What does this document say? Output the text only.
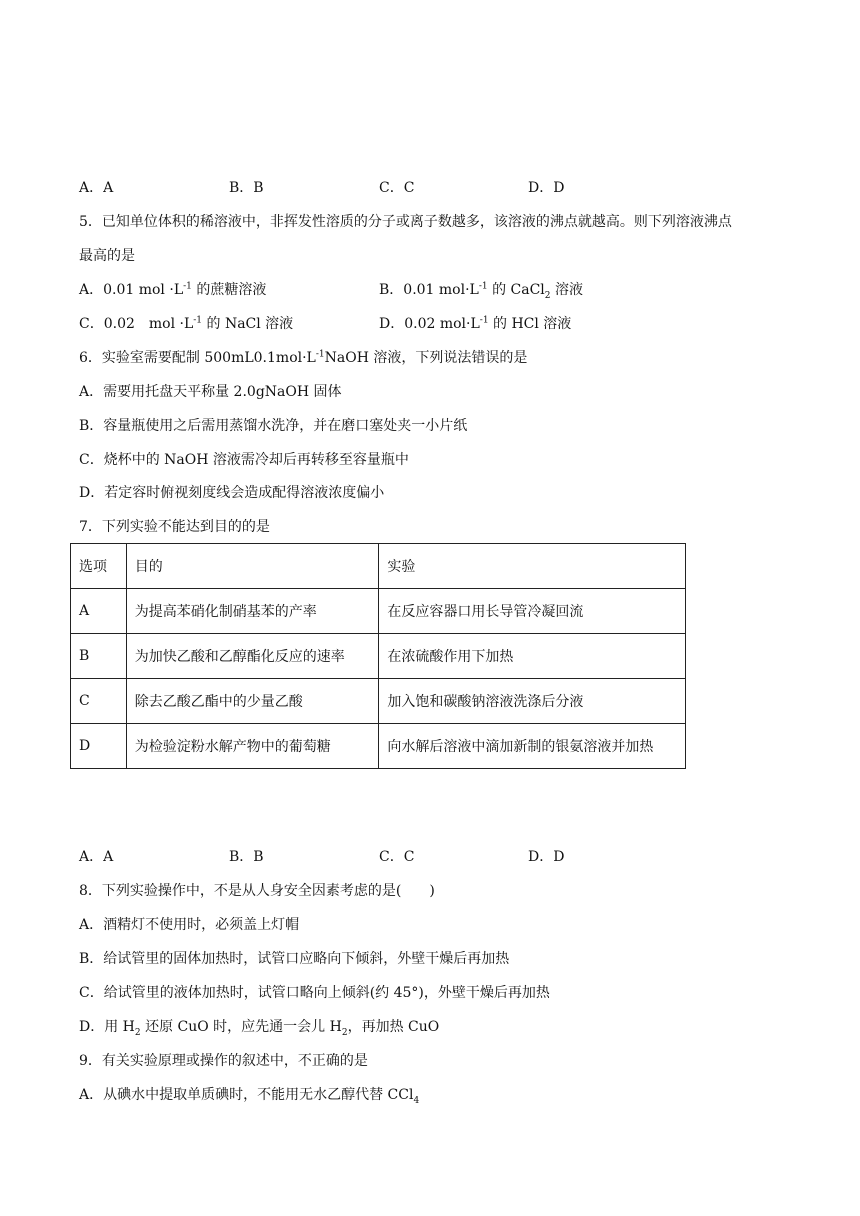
A．A	B．B	C．C	D．D
5．已知单位体积的稀溶液中，非挥发性溶质的分子或离子数越多，该溶液的沸点就越高。则下列溶液沸点
最高的是
A．0.01 mol $\cdot L^{-1}$ 的蔗糖溶液	B．0.01 $mol\cdot L^{-1}$ 的 CaCl$_2$ 溶液
C．0.02　mol $\cdot L^{-1}$ 的 NaCl 溶液	D．0.02 $mol\cdot L^{-1}$ 的 HCl 溶液
6．实验室需要配制 $500mL0.1mol\cdot L^{-1}NaOH$ 溶液，下列说法错误的是
A．需要用托盘天平称量 2.0gNaOH 固体
B．容量瓶使用之后需用蒸馏水洗净，并在磨口塞处夹一小片纸
C．烧杯中的 NaOH 溶液需冷却后再转移至容量瓶中
D．若定容时俯视刻度线会造成配得溶液浓度偏小
7．下列实验不能达到目的的是
选项	目的	实验
A	为提高苯硝化制硝基苯的产率	在反应容器口用长导管冷凝回流
B	为加快乙酸和乙醇酯化反应的速率	在浓硫酸作用下加热
C	除去乙酸乙酯中的少量乙酸	加入饱和碳酸钠溶液洗涤后分液
D	为检验淀粉水解产物中的葡萄糖	向水解后溶液中滴加新制的银氨溶液并加热
A．A	B．B	C．C	D．D
8．下列实验操作中，不是从人身安全因素考虑的是(　　)
A．酒精灯不使用时，必须盖上灯帽
B．给试管里的固体加热时，试管口应略向下倾斜，外壁干燥后再加热
C．给试管里的液体加热时，试管口略向上倾斜(约 45°)，外壁干燥后再加热
D．用 $H_2$ 还原 CuO 时，应先通一会儿 $H_2$，再加热 CuO
9．有关实验原理或操作的叙述中，不正确的是
A．从碘水中提取单质碘时，不能用无水乙醇代替 CCl$_4$
